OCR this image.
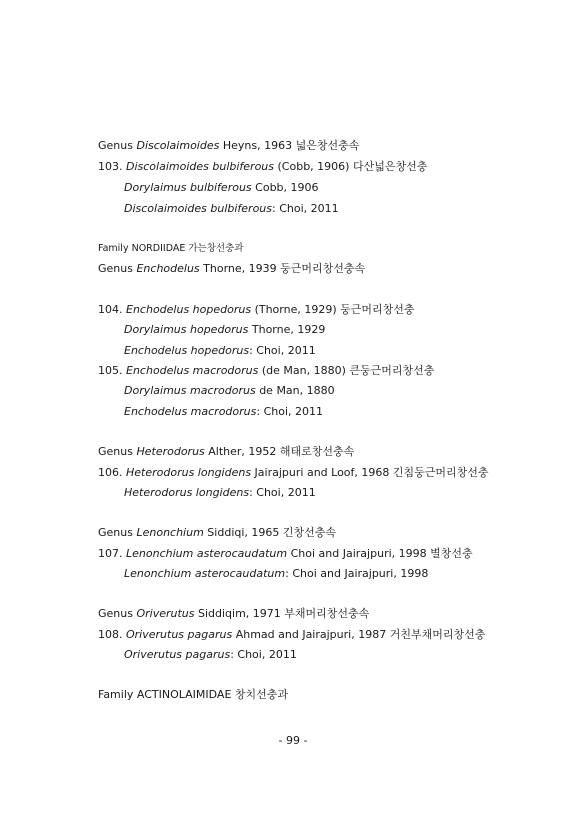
Genus Discolaimoides Heyns, 1963 넓은창선충속
103. Discolaimoides bulbiferous (Cobb, 1906) 다산넓은창선충
Dorylaimus bulbiferous Cobb, 1906
Discolaimoides bulbiferous: Choi, 2011
Family NORDIIDAE 가는창선충과
Genus Enchodelus Thorne, 1939 둥근머리창선충속
104. Enchodelus hopedorus (Thorne, 1929) 둥근머리창선충
Dorylaimus hopedorus Thorne, 1929
Enchodelus hopedorus: Choi, 2011
105. Enchodelus macrodorus (de Man, 1880) 큰둥근머리창선충
Dorylaimus macrodorus de Man, 1880
Enchodelus macrodorus: Choi, 2011
Genus Heterodorus Alther, 1952 해태로창선충속
106. Heterodorus longidens Jairajpuri and Loof, 1968 긴침둥근머리창선충
Heterodorus longidens: Choi, 2011
Genus Lenonchium Siddiqi, 1965 긴창선충속
107. Lenonchium asterocaudatum Choi and Jairajpuri, 1998 별창선충
Lenonchium asterocaudatum: Choi and Jairajpuri, 1998
Genus Oriverutus Siddiqim, 1971 부채머리창선충속
108. Oriverutus pagarus Ahmad and Jairajpuri, 1987 거친부채머리창선충
Oriverutus pagarus: Choi, 2011
Family ACTINOLAIMIDAE 창치선충과
- 99 -
